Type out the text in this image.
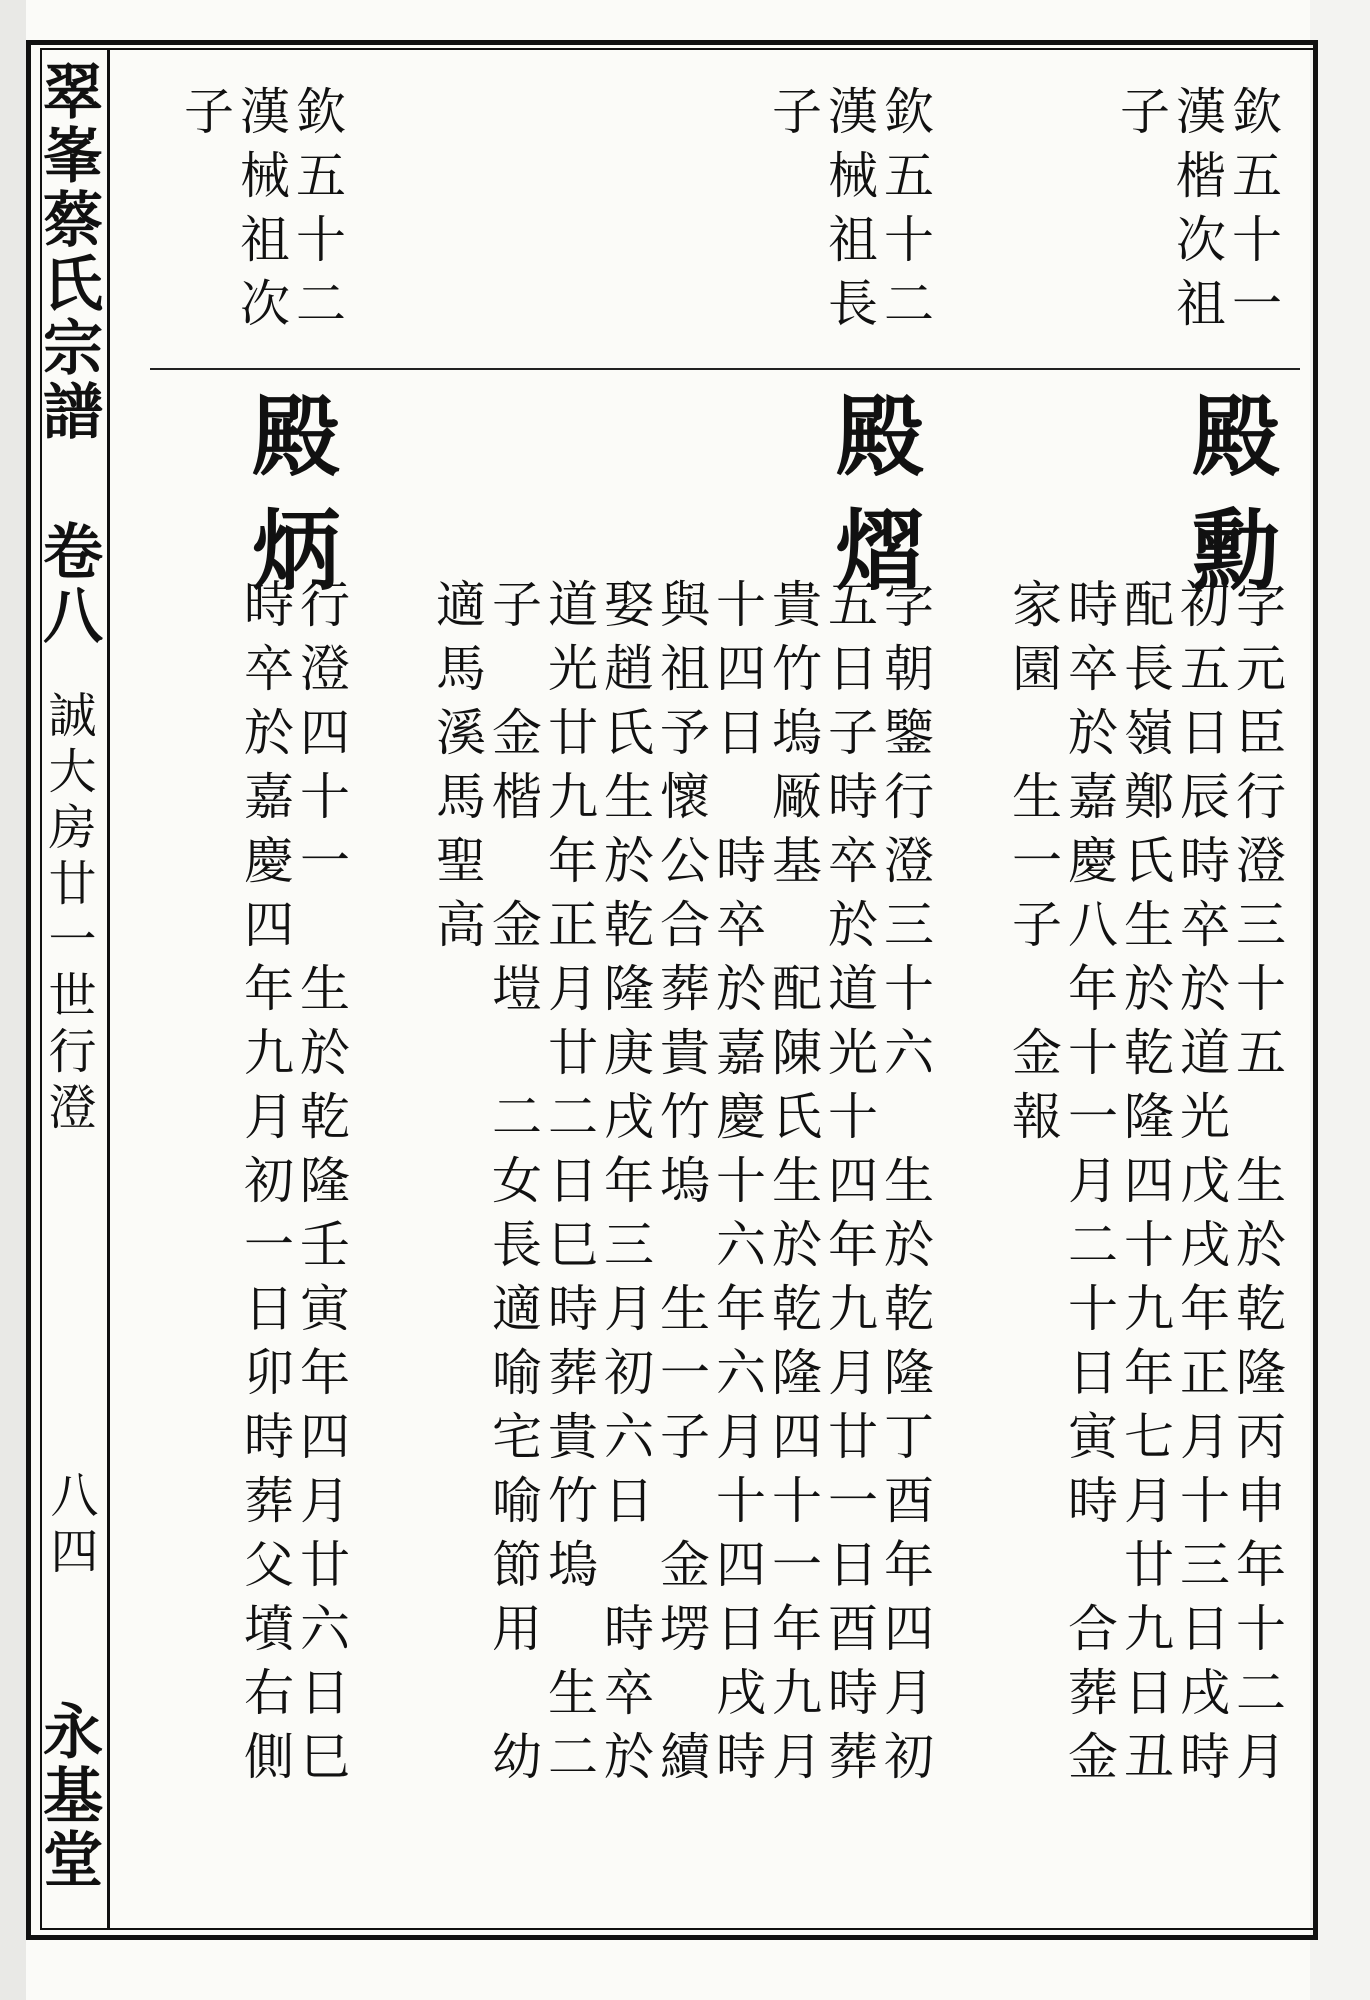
翠峯蔡氏宗譜
卷八
誠大房廿一世行澄
八四
永基堂
欽五十一
漢楷次祖
子
欽五十二
漢械祖長
子
欽五十二
漢械祖次
子
殿勳
字元臣行澄三十五　生於乾隆丙申年十二月
初五日辰時卒於道光戊戌年正月十三日戌時
配長嶺鄭氏生於乾隆四十九年七月廿九日丑
時卒於嘉慶八年十一月二十日寅時　合葬金
家園　生一子　金報
殿熠
字朝鑒行澄三十六　生於乾隆丁酉年四月初
五日子時卒於道光十四年九月廿一日酉時葬
貴竹塢厰基　配陳氏生於乾隆四十一年九月
十四日　時卒於嘉慶十六年六月十四日戌時
與祖予懷公合葬貴竹塢　生一子　金塄　續
娶趙氏生於乾隆庚戌年三月初六日　時卒於
道光廿九年正月廿二日巳時葬貴竹塢　生二
子　金楷　金塏　二女長適喻宅喻節用　幼
適馬溪馬聖高
殿炳
行澄四十一　生於乾隆壬寅年四月廿六日巳
時卒於嘉慶四年九月初一日卯時葬父墳右側
